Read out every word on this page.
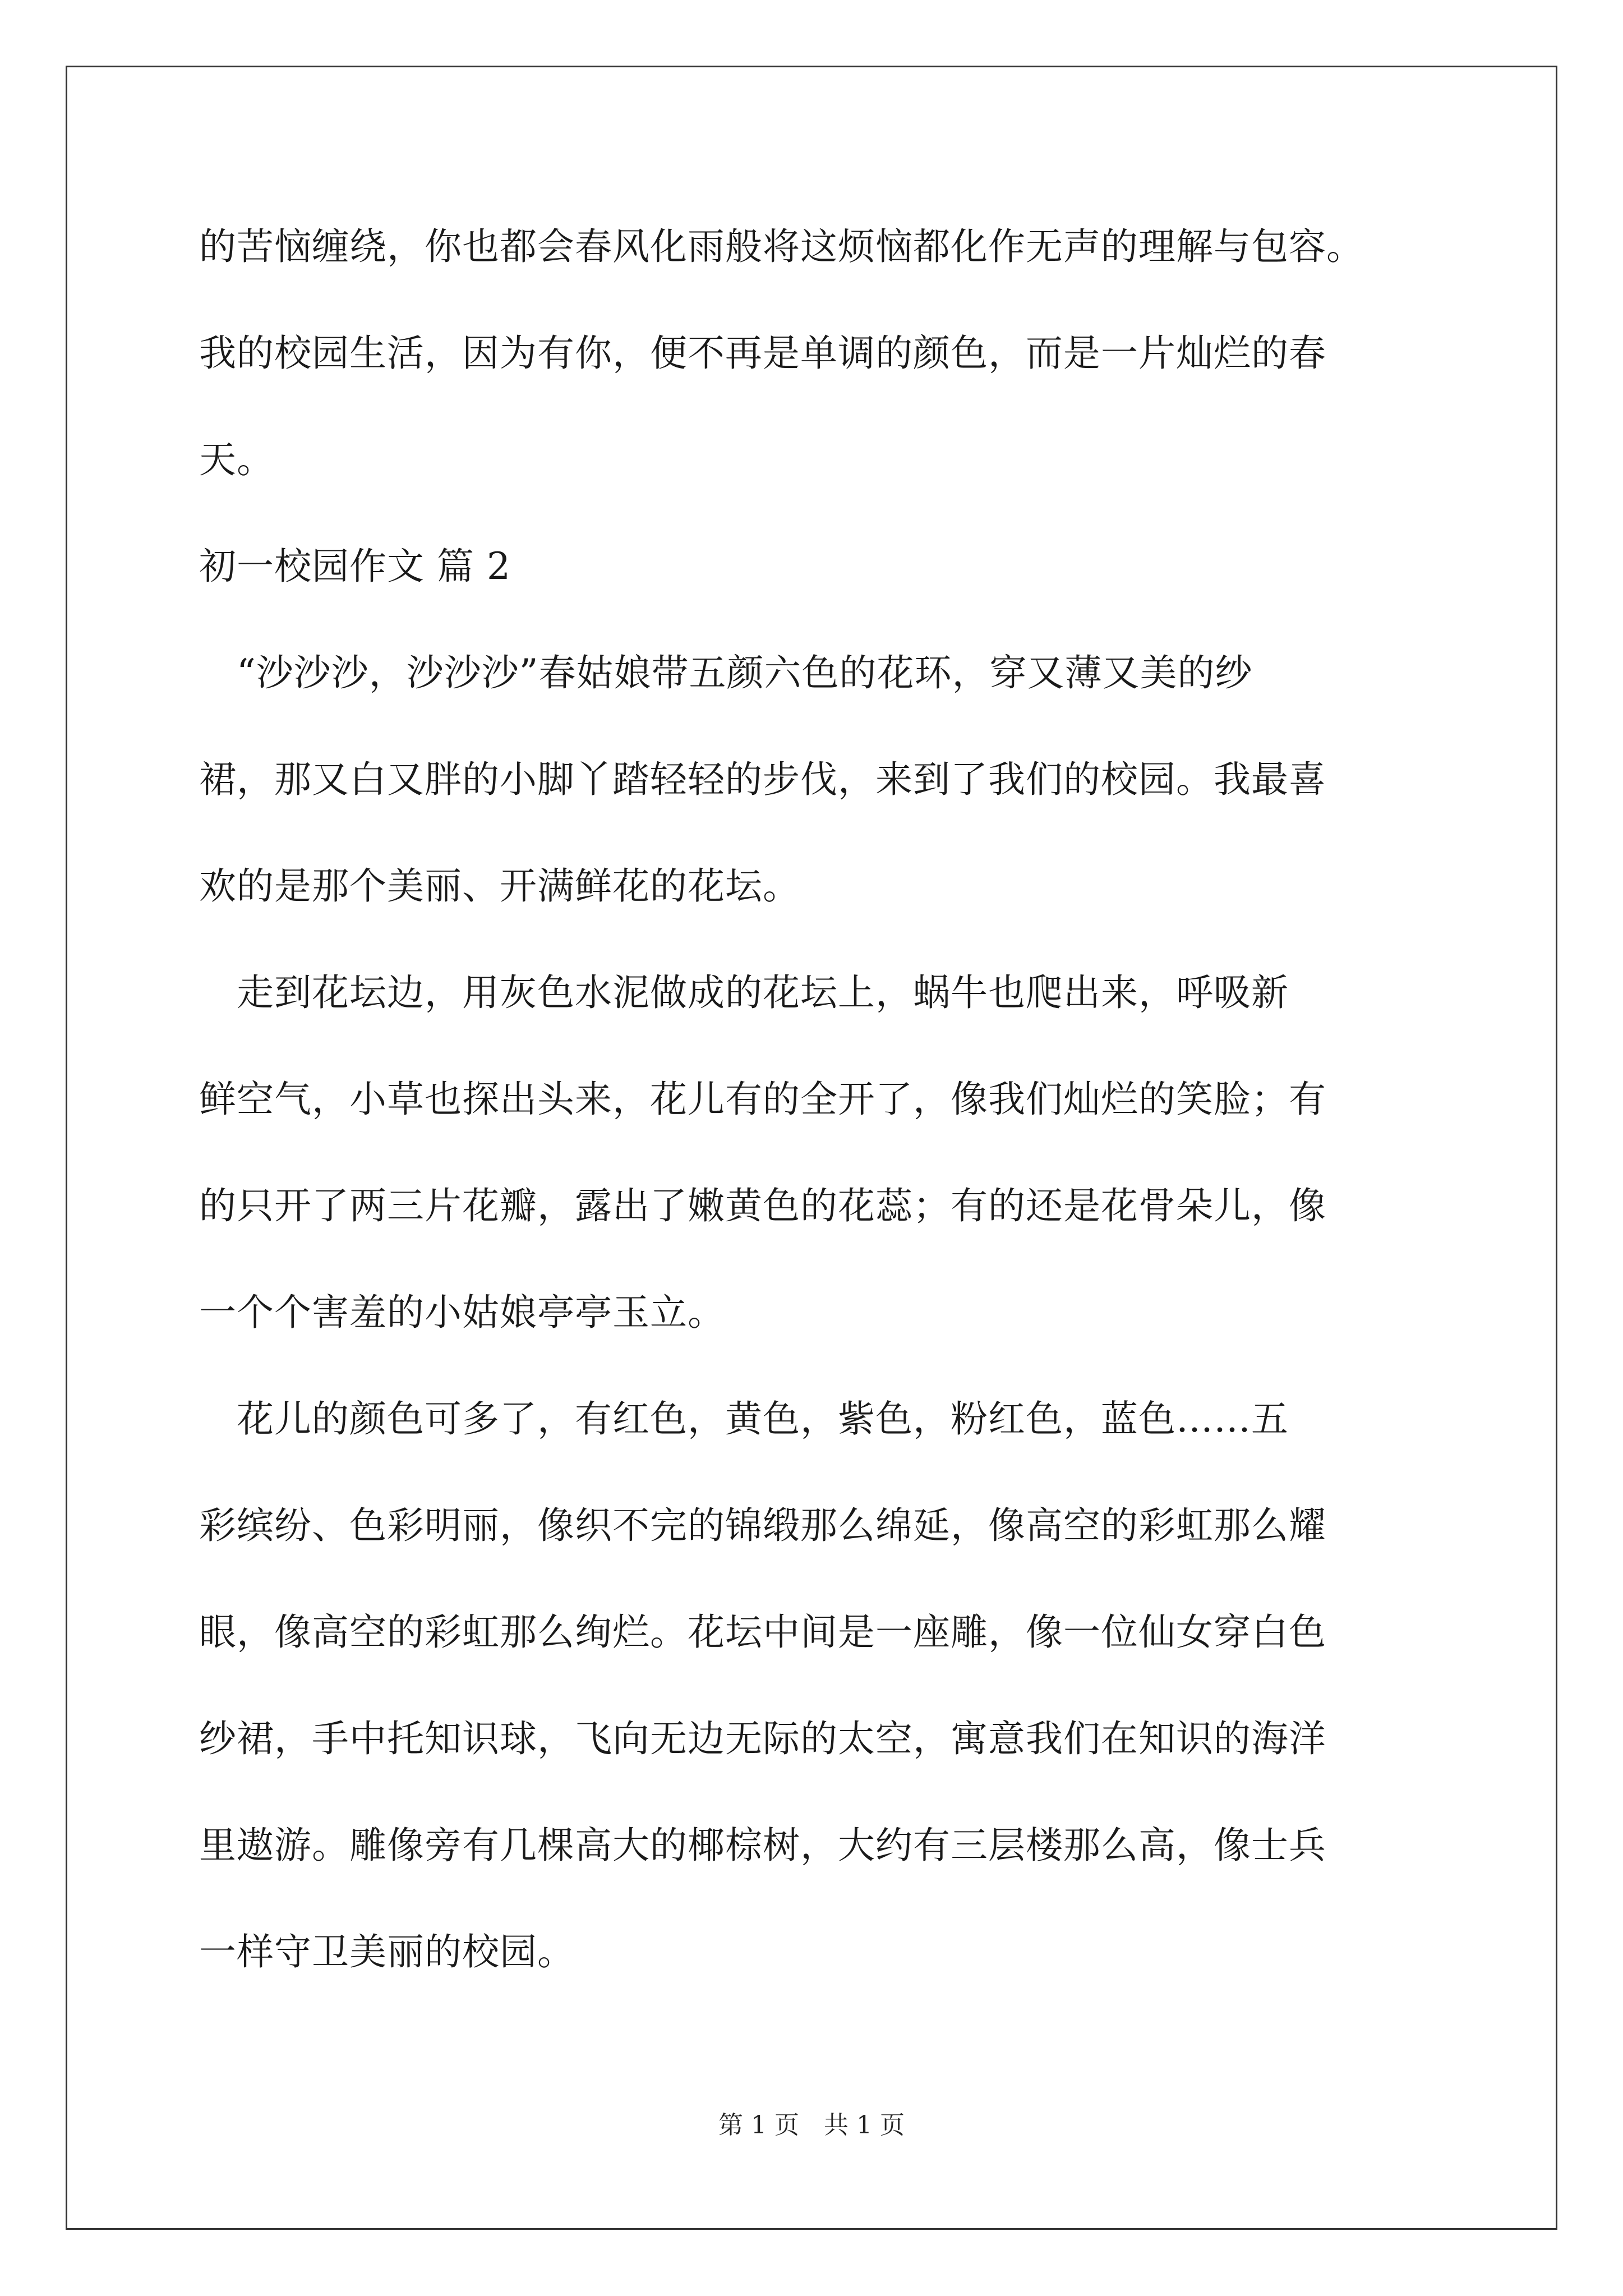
的苦恼缠绕，你也都会春风化雨般将这烦恼都化作无声的理解与包容。
我的校园生活，因为有你，便不再是单调的颜色，而是一片灿烂的春
天。
初一校园作文 篇 2
　“沙沙沙，沙沙沙”春姑娘带五颜六色的花环，穿又薄又美的纱
裙，那又白又胖的小脚丫踏轻轻的步伐，来到了我们的校园。我最喜
欢的是那个美丽、开满鲜花的花坛。
　走到花坛边，用灰色水泥做成的花坛上，蜗牛也爬出来，呼吸新
鲜空气，小草也探出头来，花儿有的全开了，像我们灿烂的笑脸；有
的只开了两三片花瓣，露出了嫩黄色的花蕊；有的还是花骨朵儿，像
一个个害羞的小姑娘亭亭玉立。
　花儿的颜色可多了，有红色，黄色，紫色，粉红色，蓝色……五
彩缤纷、色彩明丽，像织不完的锦缎那么绵延，像高空的彩虹那么耀
眼，像高空的彩虹那么绚烂。花坛中间是一座雕，像一位仙女穿白色
纱裙，手中托知识球，飞向无边无际的太空，寓意我们在知识的海洋
里遨游。雕像旁有几棵高大的椰棕树，大约有三层楼那么高，像士兵
一样守卫美丽的校园。
第 1 页　共 1 页
